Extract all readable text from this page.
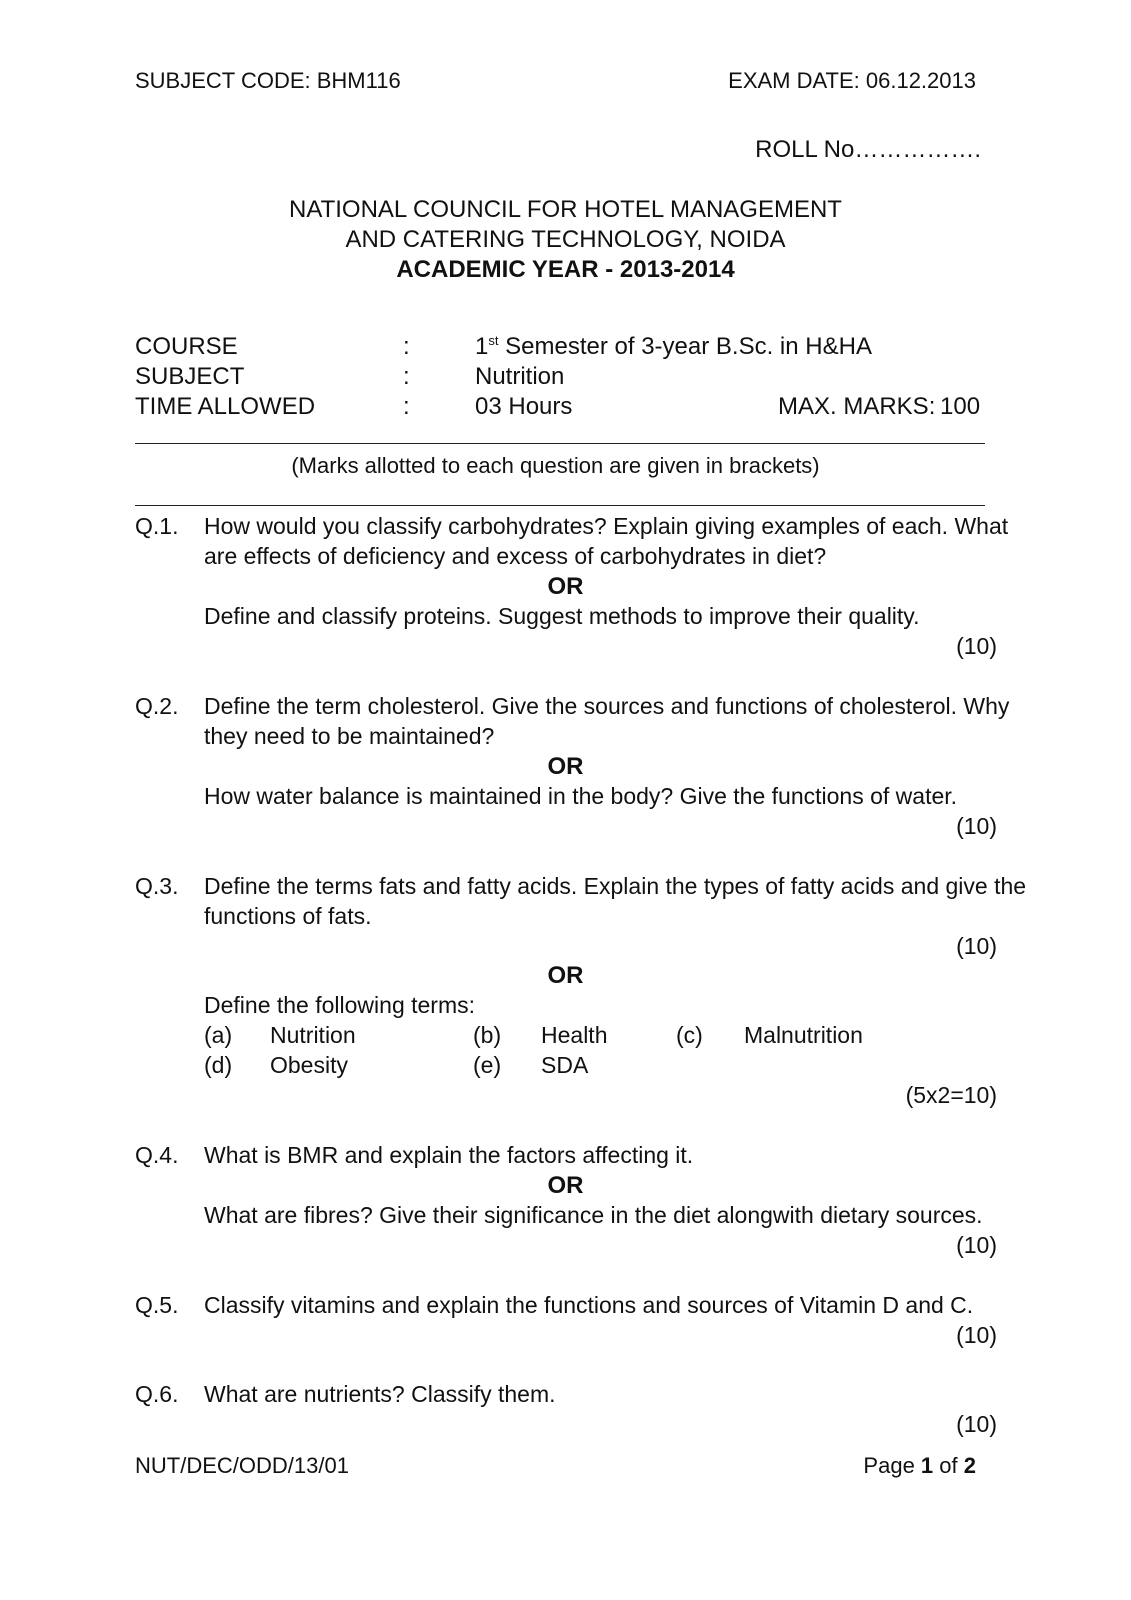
SUBJECT CODE: BHM116	EXAM DATE: 06.12.2013
ROLL No…………….
NATIONAL COUNCIL FOR HOTEL MANAGEMENT
AND CATERING TECHNOLOGY, NOIDA
ACADEMIC YEAR - 2013-2014
COURSE	:	1st Semester of 3-year B.Sc. in H&HA
SUBJECT	:	Nutrition
TIME ALLOWED	:	03 Hours	MAX. MARKS: 100
(Marks allotted to each question are given in brackets)
Q.1. How would you classify carbohydrates? Explain giving examples of each. What
are effects of deficiency and excess of carbohydrates in diet?
OR
Define and classify proteins. Suggest methods to improve their quality.
(10)
Q.2. Define the term cholesterol. Give the sources and functions of cholesterol. Why
they need to be maintained?
OR
How water balance is maintained in the body? Give the functions of water.
(10)
Q.3. Define the terms fats and fatty acids. Explain the types of fatty acids and give the
functions of fats.
(10)
OR
Define the following terms:
(a) Nutrition	(b) Health	(c) Malnutrition
(d) Obesity	(e) SDA
(5x2=10)
Q.4. What is BMR and explain the factors affecting it.
OR
What are fibres? Give their significance in the diet alongwith dietary sources.
(10)
Q.5. Classify vitamins and explain the functions and sources of Vitamin D and C.
(10)
Q.6. What are nutrients? Classify them.
(10)
NUT/DEC/ODD/13/01	Page 1 of 2
